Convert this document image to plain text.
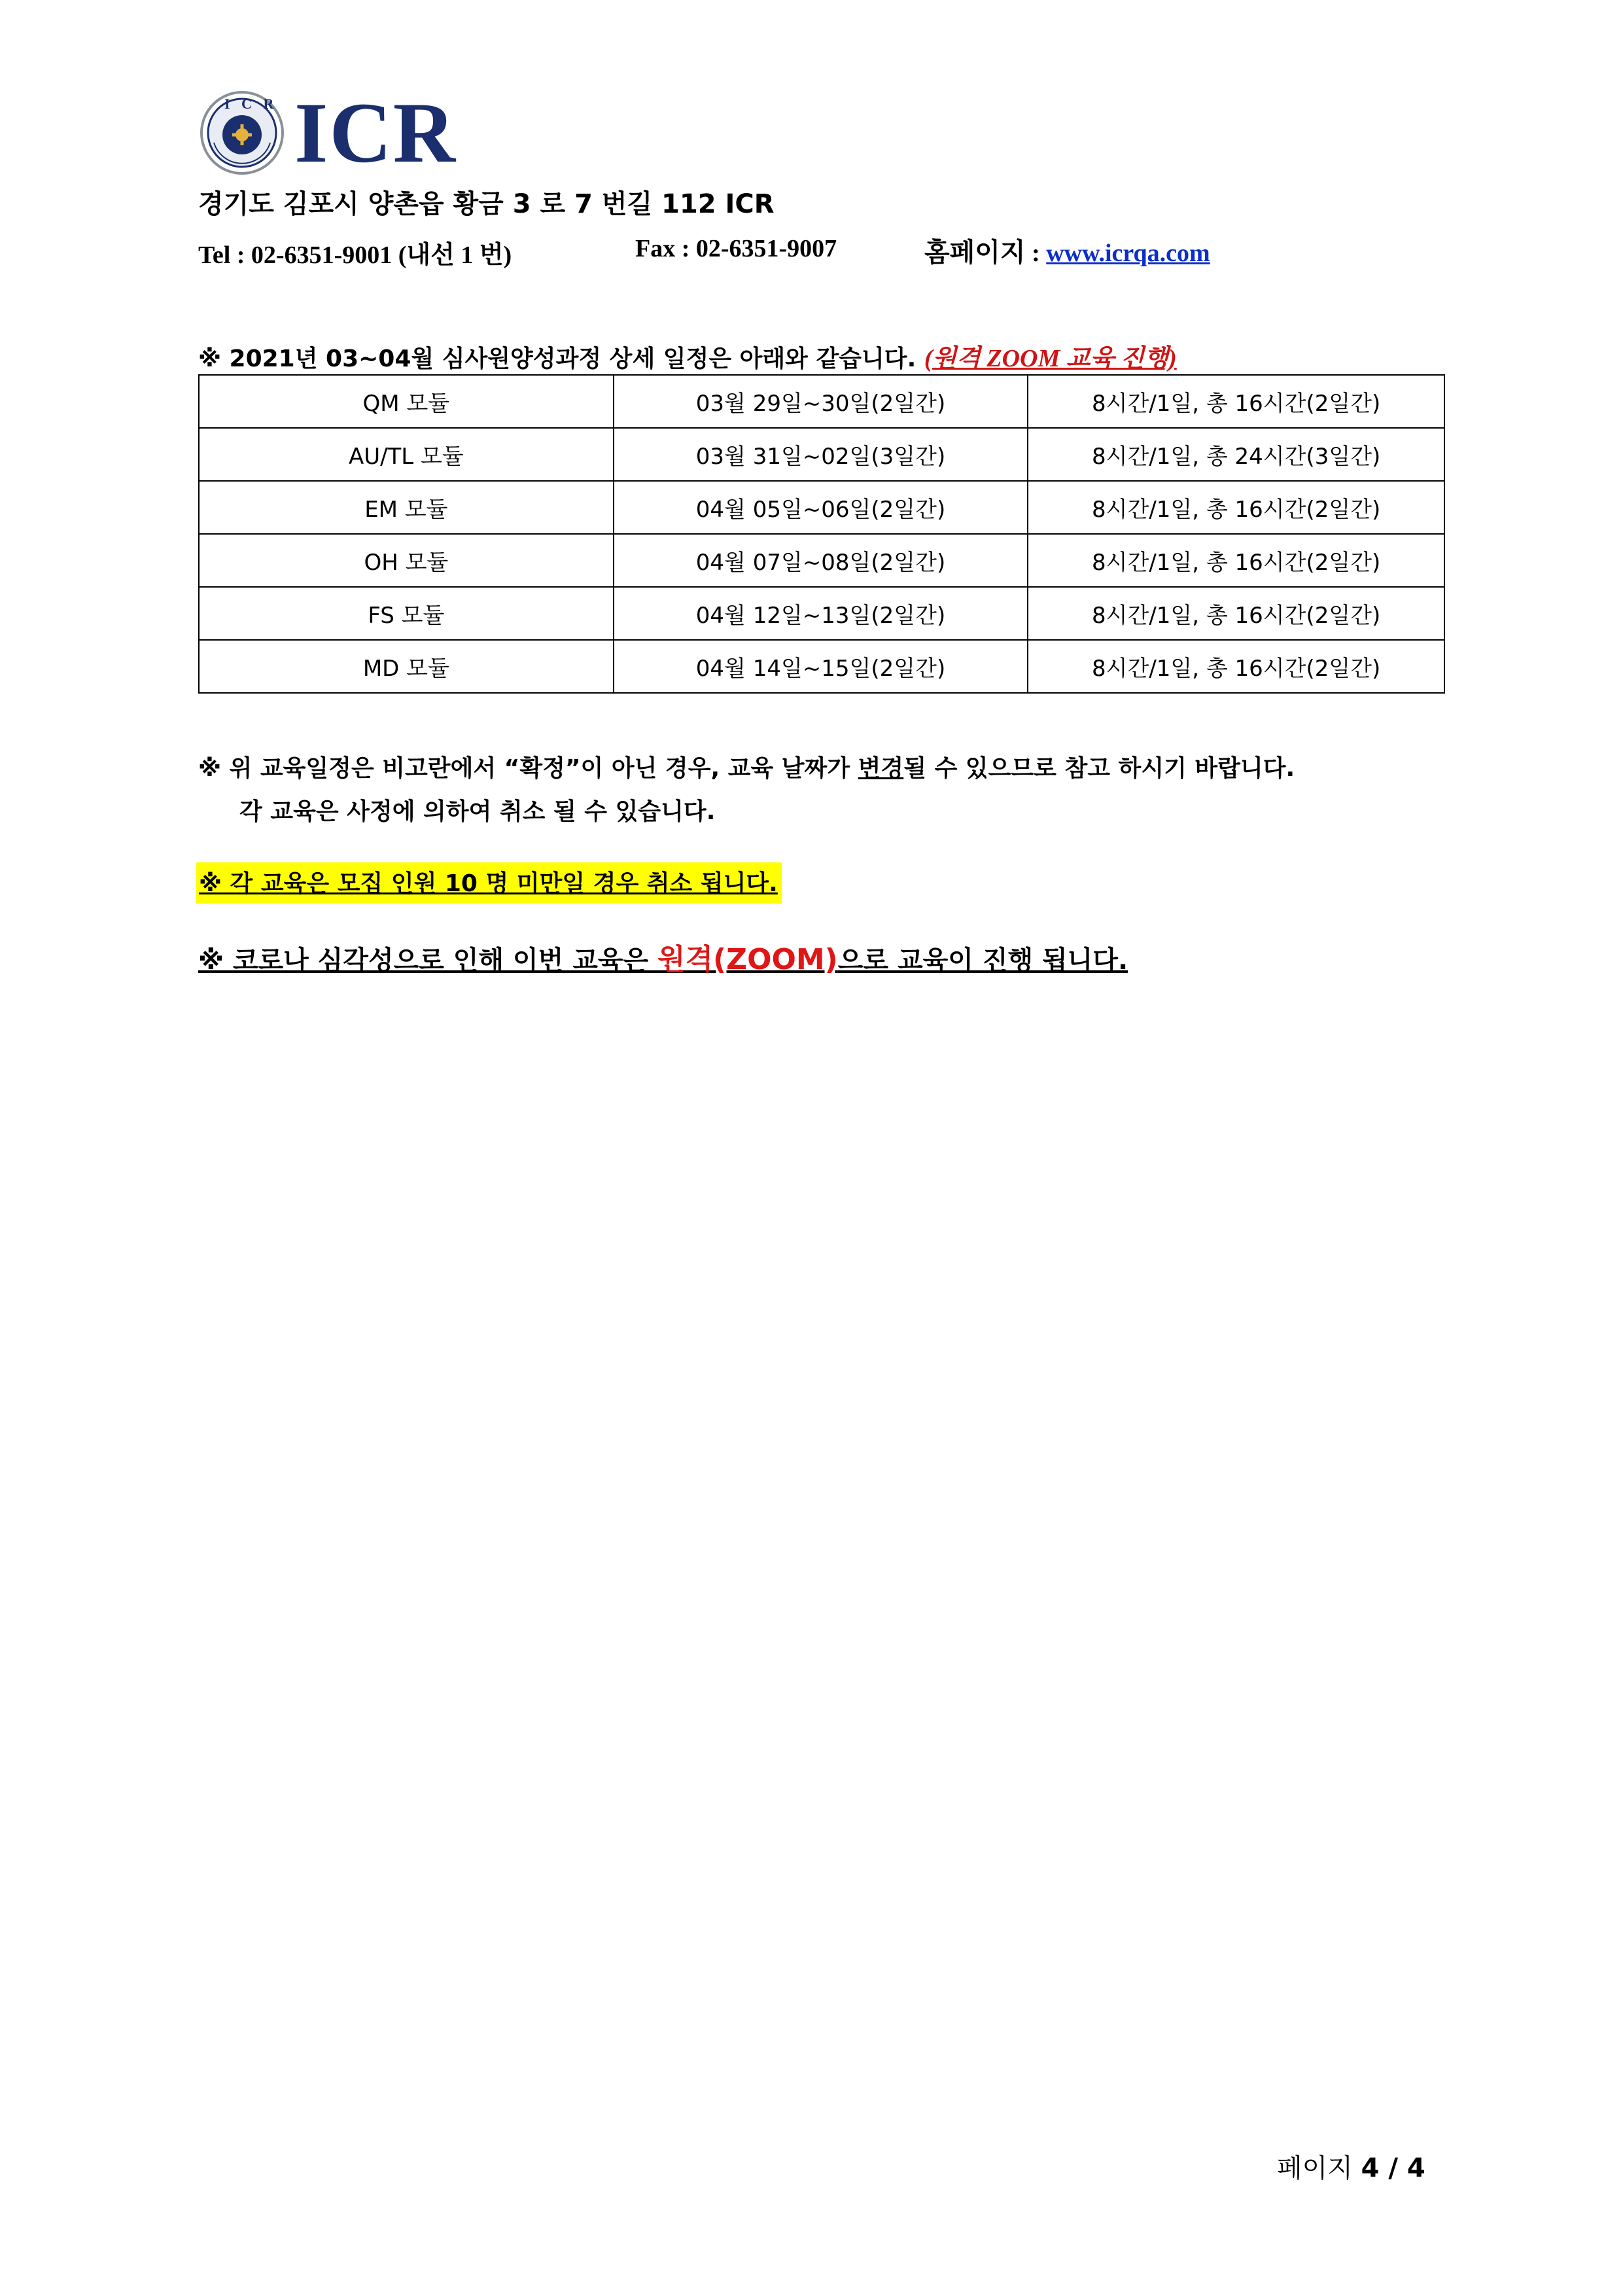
I C R ICR
경기도 김포시 양촌읍 황금 3 로 7 번길 112 ICR
Tel : 02-6351-9001 (내선 1 번)	Fax : 02-6351-9007	홈페이지 : www.icrqa.com
※ 2021년 03~04월 심사원양성과정 상세 일정은 아래와 같습니다. (원격 ZOOM 교육 진행)
QM 모듈	03월 29일~30일(2일간)	8시간/1일, 총 16시간(2일간)
AU/TL 모듈	03월 31일~02일(3일간)	8시간/1일, 총 24시간(3일간)
EM 모듈	04월 05일~06일(2일간)	8시간/1일, 총 16시간(2일간)
OH 모듈	04월 07일~08일(2일간)	8시간/1일, 총 16시간(2일간)
FS 모듈	04월 12일~13일(2일간)	8시간/1일, 총 16시간(2일간)
MD 모듈	04월 14일~15일(2일간)	8시간/1일, 총 16시간(2일간)
※ 위 교육일정은 비고란에서 “확정”이 아닌 경우, 교육 날짜가 변경될 수 있으므로 참고 하시기 바랍니다.
각 교육은 사정에 의하여 취소 될 수 있습니다.
※ 각 교육은 모집 인원 10 명 미만일 경우 취소 됩니다.
※ 코로나 심각성으로 인해 이번 교육은 원격(ZOOM)으로 교육이 진행 됩니다.
페이지 4 / 4
